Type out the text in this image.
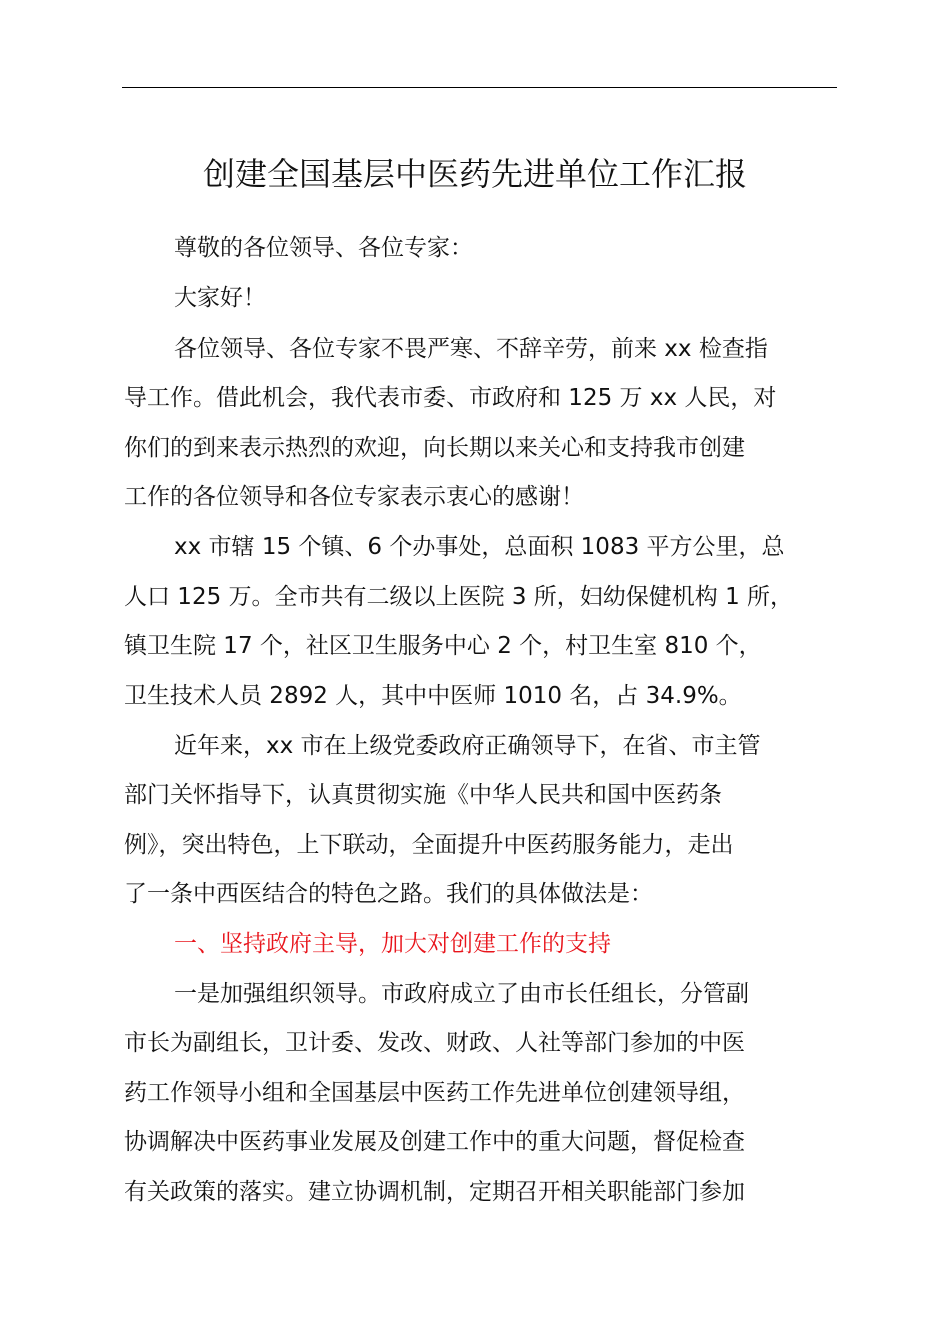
创建全国基层中医药先进单位工作汇报
尊敬的各位领导、各位专家：
大家好！
各位领导、各位专家不畏严寒、不辞辛劳，前来 xx 检查指
导工作。借此机会，我代表市委、市政府和 125 万 xx 人民，对
你们的到来表示热烈的欢迎，向长期以来关心和支持我市创建
工作的各位领导和各位专家表示衷心的感谢！
xx 市辖 15 个镇、6 个办事处，总面积 1083 平方公里，总
人口 125 万。全市共有二级以上医院 3 所，妇幼保健机构 1 所，
镇卫生院 17 个，社区卫生服务中心 2 个，村卫生室 810 个，
卫生技术人员 2892 人，其中中医师 1010 名，占 34.9%。
近年来，xx 市在上级党委政府正确领导下，在省、市主管
部门关怀指导下，认真贯彻实施《中华人民共和国中医药条
例》，突出特色，上下联动，全面提升中医药服务能力，走出
了一条中西医结合的特色之路。我们的具体做法是：
一、坚持政府主导，加大对创建工作的支持
一是加强组织领导。市政府成立了由市长任组长，分管副
市长为副组长，卫计委、发改、财政、人社等部门参加的中医
药工作领导小组和全国基层中医药工作先进单位创建领导组，
协调解决中医药事业发展及创建工作中的重大问题，督促检查
有关政策的落实。建立协调机制，定期召开相关职能部门参加
